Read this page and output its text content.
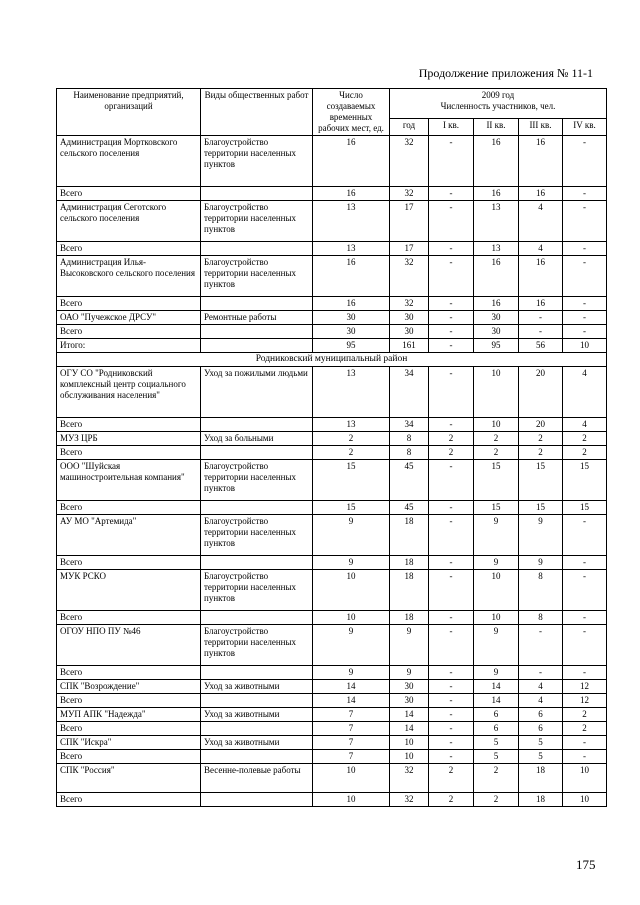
Продолжение приложения № 11-1
Наименование предприятий, организаций	Виды общественных работ	Число создаваемых временных рабочих мест, ед.	2009 год
Численность участников, чел.				

			год	I кв.	II кв.	III кв.	IV кв.
Администрация Мортковского сельского поселения	Благоустройство территории населенных пунктов	16	32	-	16	16	-
Всего		16	32	-	16	16	-
Администрация Сеготского сельского поселения	Благоустройство территории населенных пунктов	13	17	-	13	4	-
Всего		13	17	-	13	4	-
Администрация Илья-Высоковского сельского поселения	Благоустройство территории населенных пунктов	16	32	-	16	16	-
Всего		16	32	-	16	16	-
ОАО "Пучежское ДРСУ"	Ремонтные работы	30	30	-	30	-	-
Всего		30	30	-	30	-	-
Итого:		95	161	-	95	56	10
Родниковский муниципальный район							
ОГУ СО "Родниковский комплексный центр социального обслуживания населения"	Уход за пожилыми людьми	13	34	-	10	20	4
Всего		13	34	-	10	20	4
МУЗ ЦРБ	Уход за больными	2	8	2	2	2	2
Всего		2	8	2	2	2	2
ООО "Шуйская машиностроительная компания"	Благоустройство территории населенных пунктов	15	45	-	15	15	15
Всего		15	45	-	15	15	15
АУ МО "Артемида"	Благоустройство территории населенных пунктов	9	18	-	9	9	-
Всего		9	18	-	9	9	-
МУК РСКО	Благоустройство территории населенных пунктов	10	18	-	10	8	-
Всего		10	18	-	10	8	-
ОГОУ НПО ПУ №46	Благоустройство территории населенных пунктов	9	9	-	9	-	-
Всего		9	9	-	9	-	-
СПК "Возрождение"	Уход за животными	14	30	-	14	4	12
Всего		14	30	-	14	4	12
МУП АПК "Надежда"	Уход за животными	7	14	-	6	6	2
Всего		7	14	-	6	6	2
СПК "Искра"	Уход за животными	7	10	-	5	5	-
Всего		7	10	-	5	5	-
СПК "Россия"	Весенне-полевые работы	10	32	2	2	18	10
Всего		10	32	2	2	18	10
175
